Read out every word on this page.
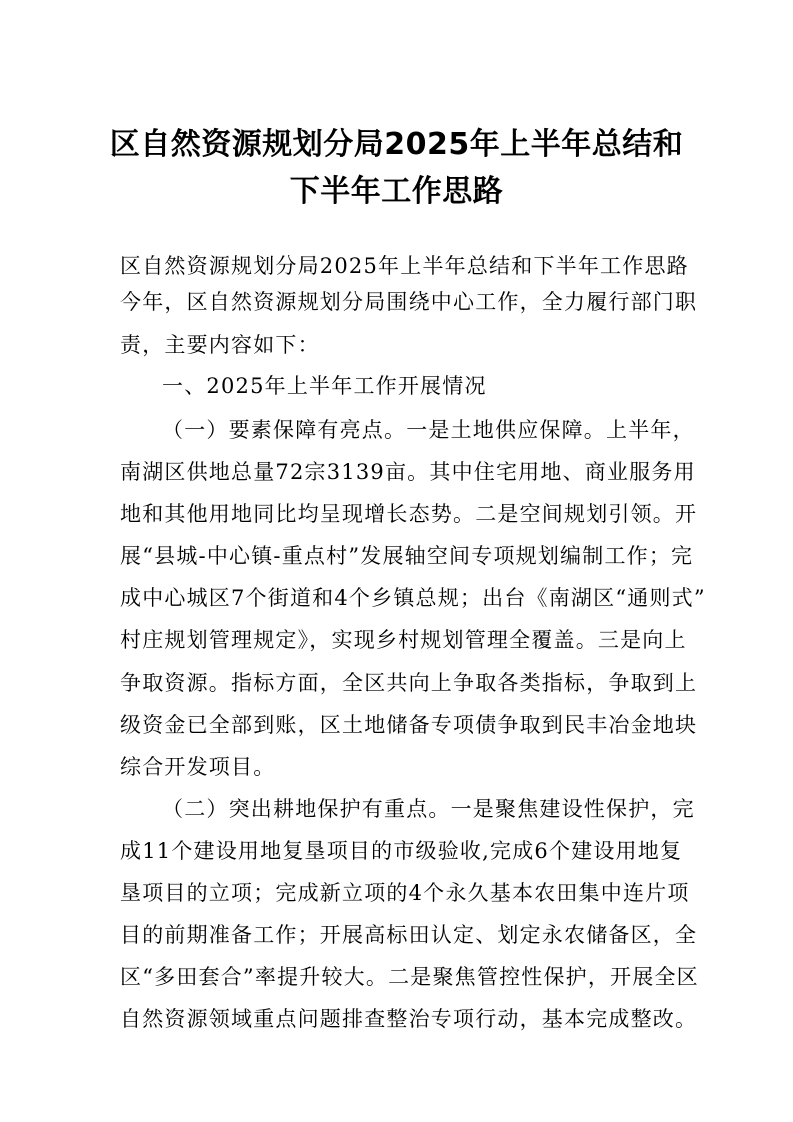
区自然资源规划分局2025年上半年总结和
下半年工作思路
区自然资源规划分局2025年上半年总结和下半年工作思路
今年，区自然资源规划分局围绕中心工作，全力履行部门职
责，主要内容如下：
一、2025年上半年工作开展情况
（一）要素保障有亮点。一是土地供应保障。上半年，
南湖区供地总量72宗3139亩。其中住宅用地、商业服务用
地和其他用地同比均呈现增长态势。二是空间规划引领。开
展“县城-中心镇-重点村”发展轴空间专项规划编制工作；完
成中心城区7个街道和4个乡镇总规；出台《南湖区“通则式”
村庄规划管理规定》，实现乡村规划管理全覆盖。三是向上
争取资源。指标方面，全区共向上争取各类指标，争取到上
级资金已全部到账，区土地储备专项债争取到民丰冶金地块
综合开发项目。
（二）突出耕地保护有重点。一是聚焦建设性保护，完
成11个建设用地复垦项目的市级验收,完成6个建设用地复
垦项目的立项；完成新立项的4个永久基本农田集中连片项
目的前期准备工作；开展高标田认定、划定永农储备区，全
区“多田套合”率提升较大。二是聚焦管控性保护，开展全区
自然资源领域重点问题排查整治专项行动，基本完成整改。
